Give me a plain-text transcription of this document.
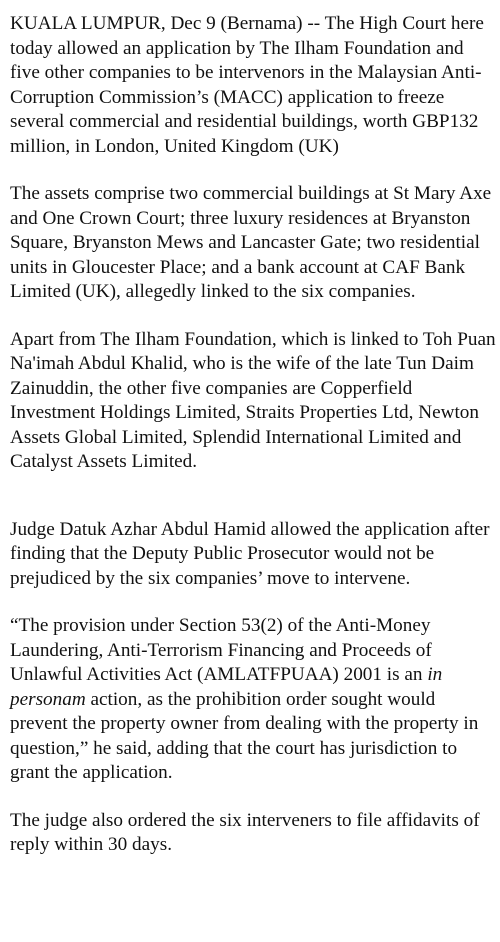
KUALA LUMPUR, Dec 9 (Bernama) -- The High Court here today allowed an application by The Ilham Foundation and five other companies to be intervenors in the Malaysian Anti-Corruption Commission’s (MACC) application to freeze several commercial and residential buildings, worth GBP132 million, in London, United Kingdom (UK)

The assets comprise two commercial buildings at St Mary Axe and One Crown Court; three luxury residences at Bryanston Square, Bryanston Mews and Lancaster Gate; two residential units in Gloucester Place; and a bank account at CAF Bank Limited (UK), allegedly linked to the six companies.

Apart from The Ilham Foundation, which is linked to Toh Puan Na'imah Abdul Khalid, who is the wife of the late Tun Daim Zainuddin, the other five companies are Copperfield Investment Holdings Limited, Straits Properties Ltd, Newton Assets Global Limited, Splendid International Limited and Catalyst Assets Limited.

Judge Datuk Azhar Abdul Hamid allowed the application after finding that the Deputy Public Prosecutor would not be prejudiced by the six companies’ move to intervene.

“The provision under Section 53(2) of the Anti-Money Laundering, Anti-Terrorism Financing and Proceeds of Unlawful Activities Act (AMLATFPUAA) 2001 is an in personam action, as the prohibition order sought would prevent the property owner from dealing with the property in question,” he said, adding that the court has jurisdiction to grant the application.

The judge also ordered the six interveners to file affidavits of reply within 30 days.
